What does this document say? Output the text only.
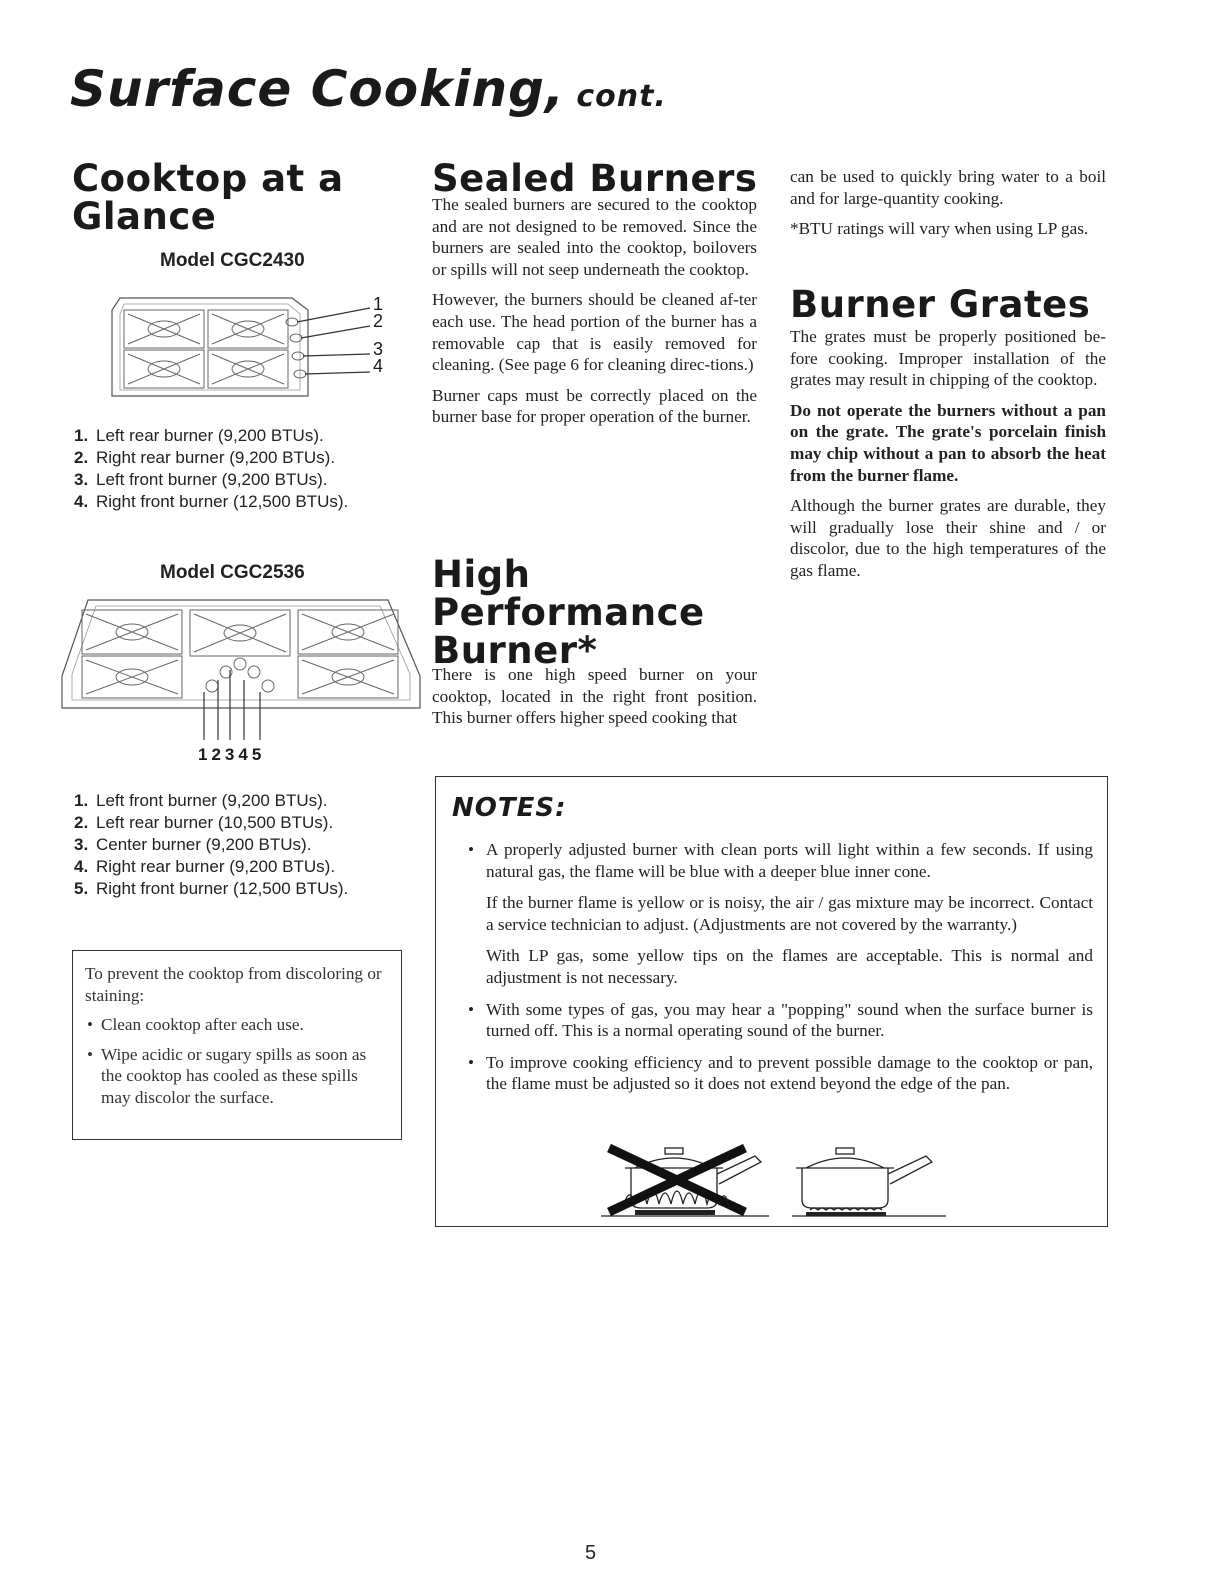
Surface Cooking, cont.
Cooktop at a
Glance
Model CGC2430
1
2
3
4
1. Left rear burner (9,200 BTUs).
2. Right rear burner (9,200 BTUs).
3. Left front burner (9,200 BTUs).
4. Right front burner (12,500 BTUs).
Model CGC2536
12345
1. Left front burner (9,200 BTUs).
2. Left rear burner (10,500 BTUs).
3. Center burner (9,200 BTUs).
4. Right rear burner (9,200 BTUs).
5. Right front burner (12,500 BTUs).

To prevent the cooktop from discoloring or staining:

• Clean cooktop after each use.
• Wipe acidic or sugary spills as soon as the cooktop has cooled as these spills may discolor the surface.
Sealed Burners

The sealed burners are secured to the cooktop and are not designed to be removed. Since the burners are sealed into the cooktop, boilovers or spills will not seep underneath the cooktop.

However, the burners should be cleaned af-ter each use. The head portion of the burner has a removable cap that is easily removed for cleaning. (See page 6 for cleaning direc-tions.)

Burner caps must be correctly placed on the burner base for proper operation of the burner.

High
Performance
Burner*

There is one high speed burner on your cooktop, located in the right front position. This burner offers higher speed cooking that

can be used to quickly bring water to a boil and for large-quantity cooking.

*BTU ratings will vary when using LP gas.

Burner Grates

The grates must be properly positioned be-fore cooking. Improper installation of the grates may result in chipping of the cooktop.

Do not operate the burners without a pan on the grate. The grate's porcelain finish may chip without a pan to absorb the heat from the burner flame.

Although the burner grates are durable, they will gradually lose their shine and / or discolor, due to the high temperatures of the gas flame.

NOTES:
• A properly adjusted burner with clean ports will light within a few seconds. If using natural gas, the flame will be blue with a deeper blue inner cone.
If the burner flame is yellow or is noisy, the air / gas mixture may be incorrect. Contact a service technician to adjust. (Adjustments are not covered by the warranty.)
With LP gas, some yellow tips on the flames are acceptable. This is normal and adjustment is not necessary.
• With some types of gas, you may hear a "popping" sound when the surface burner is turned off. This is a normal operating sound of the burner.
• To improve cooking efficiency and to prevent possible damage to the cooktop or pan, the flame must be adjusted so it does not extend beyond the edge of the pan.
5
